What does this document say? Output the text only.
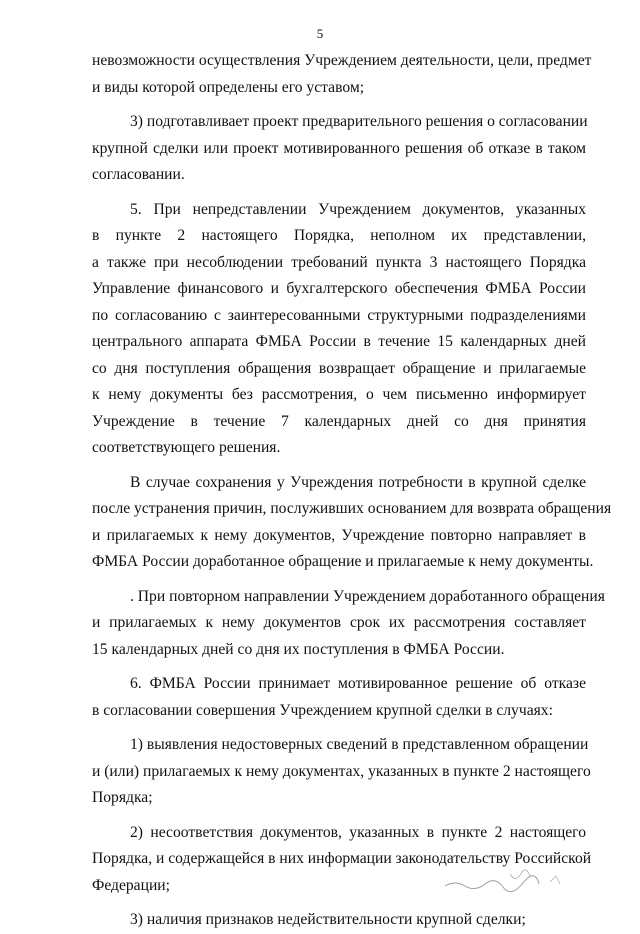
5
невозможности осуществления Учреждением деятельности, цели, предмет
и виды которой определены его уставом;
3) подготавливает проект предварительного решения о согласовании
крупной сделки или проект мотивированного решения об отказе в таком
согласовании.
5. При непредставлении Учреждением документов, указанных
в пункте 2 настоящего Порядка, неполном их представлении,
а также при несоблюдении требований пункта 3 настоящего Порядка
Управление финансового и бухгалтерского обеспечения ФМБА России
по согласованию с заинтересованными структурными подразделениями
центрального аппарата ФМБА России в течение 15 календарных дней
со дня поступления обращения возвращает обращение и прилагаемые
к нему документы без рассмотрения, о чем письменно информирует
Учреждение в течение 7 календарных дней со дня принятия
соответствующего решения.
В случае сохранения у Учреждения потребности в крупной сделке
после устранения причин, послуживших основанием для возврата обращения
и прилагаемых к нему документов, Учреждение повторно направляет в
ФМБА России доработанное обращение и прилагаемые к нему документы.
. При повторном направлении Учреждением доработанного обращения
и прилагаемых к нему документов срок их рассмотрения составляет
15 календарных дней со дня их поступления в ФМБА России.
6. ФМБА России принимает мотивированное решение об отказе
в согласовании совершения Учреждением крупной сделки в случаях:
1) выявления недостоверных сведений в представленном обращении
и (или) прилагаемых к нему документах, указанных в пункте 2 настоящего
Порядка;
2) несоответствия документов, указанных в пункте 2 настоящего
Порядка, и содержащейся в них информации законодательству Российской
Федерации;
3) наличия признаков недействительности крупной сделки;
